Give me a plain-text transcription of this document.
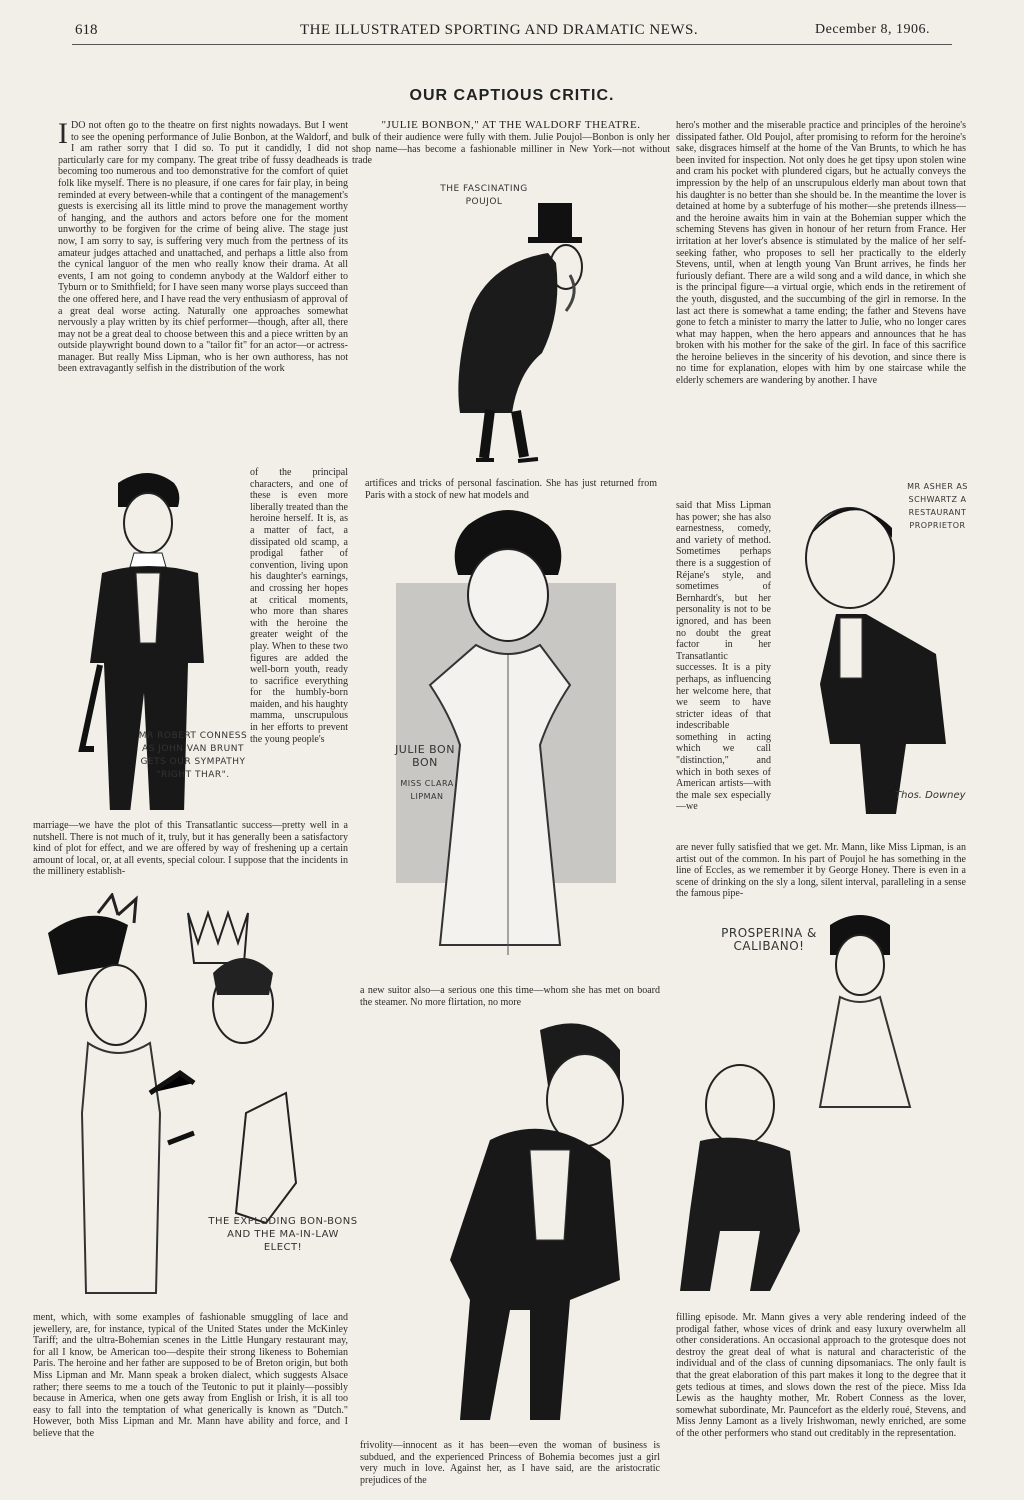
618	THE ILLUSTRATED SPORTING AND DRAMATIC NEWS.	December 8, 1906.
OUR CAPTIOUS CRITIC.
"JULIE BONBON," AT THE WALDORF THEATRE.
I DO not often go to the theatre on first nights nowadays. But I went to see the opening performance of Julie Bonbon, at the Waldorf, and I am rather sorry that I did so. To put it candidly, I did not particularly care for my company. The great tribe of fussy deadheads is becoming too numerous and too demonstrative for the comfort of quiet folk like myself. There is no pleasure, if one cares for fair play, in being reminded at every between-while that a contingent of the management's guests is exercising all its little mind to prove the management worthy of hanging, and the authors and actors before one for the moment unworthy to be forgiven for the crime of being alive. The stage just now, I am sorry to say, is suffering very much from the pertness of its amateur judges attached and unattached, and perhaps a little also from the cynical languor of the men who really know their drama. At all events, I am not going to condemn anybody at the Waldorf either to Tyburn or to Smithfield; for I have seen many worse plays succeed than the one offered here, and I have read the very enthusiasm of approval of a great deal worse acting. Naturally one approaches somewhat nervously a play written by its chief performer—though, after all, there may not be a great deal to choose between this and a piece written by an outside playwright bound down to a "tailor fit" for an actor—or actress-manager. But really Miss Lipman, who is her own authoress, has not been extravagantly selfish in the distribution of the work
of the principal characters, and one of these is even more liberally treated than the heroine herself. It is, as a matter of fact, a dissipated old scamp, a prodigal father of convention, living upon his daughter's earnings, and crossing her hopes at critical moments, who more than shares with the heroine the greater weight of the play. When to these two figures are added the well-born youth, ready to sacrifice everything for the humbly-born maiden, and his haughty mamma, unscrupulous in her efforts to prevent the young people's
marriage—we have the plot of this Transatlantic success—pretty well in a nutshell. There is not much of it, truly, but it has generally been a satisfactory kind of plot for effect, and we are offered by way of freshening up a certain amount of local, or, at all events, special colour. I suppose that the incidents in the millinery establish-
ment, which, with some examples of fashionable smuggling of lace and jewellery, are, for instance, typical of the United States under the McKinley Tariff; and the ultra-Bohemian scenes in the Little Hungary restaurant may, for all I know, be American too—despite their strong likeness to Bohemian Paris. The heroine and her father are supposed to be of Breton origin, but both Miss Lipman and Mr. Mann speak a broken dialect, which suggests Alsace rather; there seems to me a touch of the Teutonic to put it plainly—possibly because in America, when one gets away from English or Irish, it is all too easy to fall into the temptation of what generically is known as "Dutch." However, both Miss Lipman and Mr. Mann have ability and force, and I believe that the
bulk of their audience were fully with them. Julie Poujol—Bonbon is only her shop name—has become a fashionable milliner in New York—not without trade
artifices and tricks of personal fascination. She has just returned from Paris with a stock of new hat models and
a new suitor also—a serious one this time—whom she has met on board the steamer. No more flirtation, no more
frivolity—innocent as it has been—even the woman of business is subdued, and the experienced Princess of Bohemia becomes just a girl very much in love. Against her, as I have said, are the aristocratic prejudices of the
hero's mother and the miserable practice and principles of the heroine's dissipated father. Old Poujol, after promising to reform for the heroine's sake, disgraces himself at the home of the Van Brunts, to which he has been invited for inspection. Not only does he get tipsy upon stolen wine and cram his pocket with plundered cigars, but he actually conveys the impression by the help of an unscrupulous elderly man about town that his daughter is no better than she should be. In the meantime the lover is detained at home by a subterfuge of his mother—she pretends illness—and the heroine awaits him in vain at the Bohemian supper which the scheming Stevens has given in honour of her return from France. Her irritation at her lover's absence is stimulated by the malice of her self-seeking father, who proposes to sell her practically to the elderly Stevens, until, when at length young Van Brunt arrives, he finds her furiously defiant. There are a wild song and a wild dance, in which she is the principal figure—a virtual orgie, which ends in the retirement of the youth, disgusted, and the succumbing of the girl in remorse. In the last act there is somewhat a tame ending; the father and Stevens have gone to fetch a minister to marry the latter to Julie, who no longer cares what may happen, when the hero appears and announces that he has broken with his mother for the sake of the girl. In face of this sacrifice the heroine believes in the sincerity of his devotion, and since there is no time for explanation, elopes with him by one staircase while the elderly schemers are wandering by another. I have
said that Miss Lipman has power; she has also earnestness, comedy, and variety of method. Sometimes perhaps there is a suggestion of Réjane's style, and sometimes of Bernhardt's, but her personality is not to be ignored, and has been no doubt the great factor in her Transatlantic successes. It is a pity perhaps, as influencing her welcome here, that we seem to have stricter ideas of that indescribable something in acting which we call "distinction," and which in both sexes of American artists—with the male sex especially—we
are never fully satisfied that we get. Mr. Mann, like Miss Lipman, is an artist out of the common. In his part of Poujol he has something in the line of Eccles, as we remember it by George Honey. There is even in a scene of drinking on the sly a long, silent interval, paralleling in a sense the famous pipe-
filling episode. Mr. Mann gives a very able rendering indeed of the prodigal father, whose vices of drink and easy luxury overwhelm all other considerations. An occasional approach to the grotesque does not destroy the great deal of what is natural and characteristic of the individual and of the class of cunning dipsomaniacs. The only fault is that the great elaboration of this part makes it long to the degree that it gets tedious at times, and slows down the rest of the piece. Miss Ida Lewis as the haughty mother, Mr. Robert Conness as the lover, somewhat subordinate, Mr. Pauncefort as the elderly roué, Stevens, and Miss Jenny Lamont as a lively Irishwoman, newly enriched, are some of the other performers who stand out creditably in the representation.
THE FASCINATING POUJOL
MR ROBERT CONNESS AS JOHN VAN BRUNT GETS OUR SYMPATHY "RIGHT THAR".
JULIE BON BON
MISS CLARA LIPMAN
MR ASHER AS SCHWARTZ A RESTAURANT PROPRIETOR
Thos. Downey
THE EXPLODING BON-BONS AND THE MA-IN-LAW ELECT!
PROSPERINA & CALIBANO!
